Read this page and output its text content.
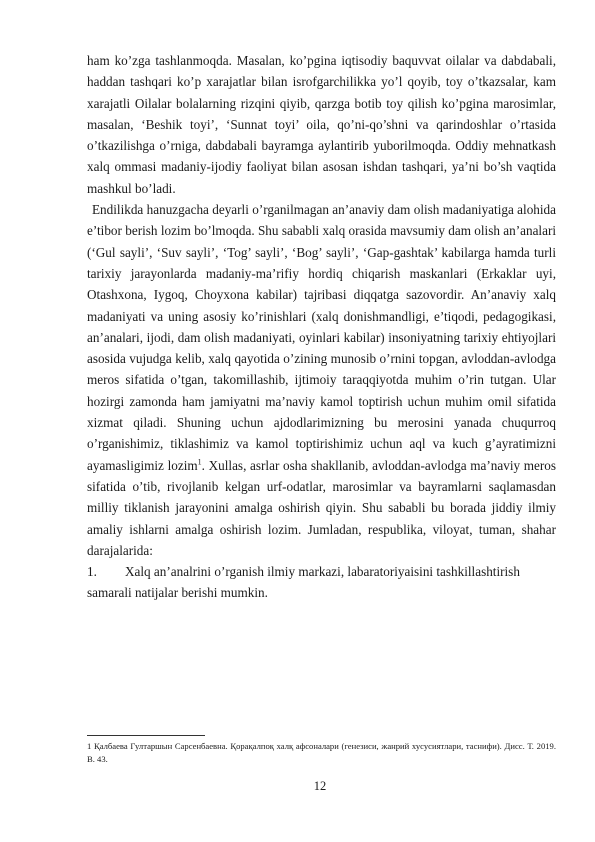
ham ko’zga tashlanmoqda. Masalan, ko’pgina iqtisodiy baquvvat oilalar va dabdabali, haddan tashqari ko’p xarajatlar bilan isrofgarchilikka yo’l qoyib, toy o’tkazsalar, kam xarajatli Oilalar bolalarning rizqini qiyib, qarzga botib toy qilish ko’pgina marosimlar, masalan, ‘Beshik toyi’, ‘Sunnat toyi’ oila, qo’ni-qo’shni va qarindoshlar o’rtasida o’tkazilishga o’rniga, dabdabali bayramga aylantirib yuborilmoqda. Oddiy mehnatkash xalq ommasi madaniy-ijodiy faoliyat bilan asosan ishdan tashqari, ya’ni bo’sh vaqtida mashkul bo’ladi.

Endilikda hanuzgacha deyarli o’rganilmagan an’anaviy dam olish madaniyatiga alohida e’tibor berish lozim bo’lmoqda. Shu sababli xalq orasida mavsumiy dam olish an’analari (‘Gul sayli’, ‘Suv sayli’, ‘Tog’ sayli’, ‘Bog’ sayli’, ‘Gap-gashtak’ kabilarga hamda turli tarixiy jarayonlarda madaniy-ma’rifiy hordiq chiqarish maskanlari (Erkaklar uyi, Otashxona, Iygoq, Choyxona kabilar) tajribasi diqqatga sazovordir. An’anaviy xalq madaniyati va uning asosiy ko’rinishlari (xalq donishmandligi, e’tiqodi, pedagogikasi, an’analari, ijodi, dam olish madaniyati, oyinlari kabilar) insoniyatning tarixiy ehtiyojlari asosida vujudga kelib, xalq qayotida o’zining munosib o’rnini topgan, avloddan-avlodga meros sifatida o’tgan, takomillashib, ijtimoiy taraqqiyotda muhim o’rin tutgan. Ular hozirgi zamonda ham jamiyatni ma’naviy kamol toptirish uchun muhim omil sifatida xizmat qiladi. Shuning uchun ajdodlarimizning bu merosini yanada chuqurroq o’rganishimiz, tiklashimiz va kamol toptirishimiz uchun aql va kuch g’ayratimizni ayamasligimiz lozim$^1$. Xullas, asrlar osha shakllanib, avloddan-avlodga ma’naviy meros sifatida o’tib, rivojlanib kelgan urf-odatlar, marosimlar va bayramlarni saqlamasdan milliy tiklanish jarayonini amalga oshirish qiyin. Shu sababli bu borada jiddiy ilmiy amaliy ishlarni amalga oshirish lozim. Jumladan, respublika, viloyat, tuman, shahar darajalarida:

1.	Xalq an’analrini o’rganish ilmiy markazi, labaratoriyaisini tashkillashtirish

samarali natijalar berishi mumkin.

1 Қалбаева Гултаршын Сарсенбаевна. Қорақалпоқ халқ афсоналари (генезиси, жанрий хусусиятлари, таснифи). Дисс. Т. 2019. В. 43.
12
